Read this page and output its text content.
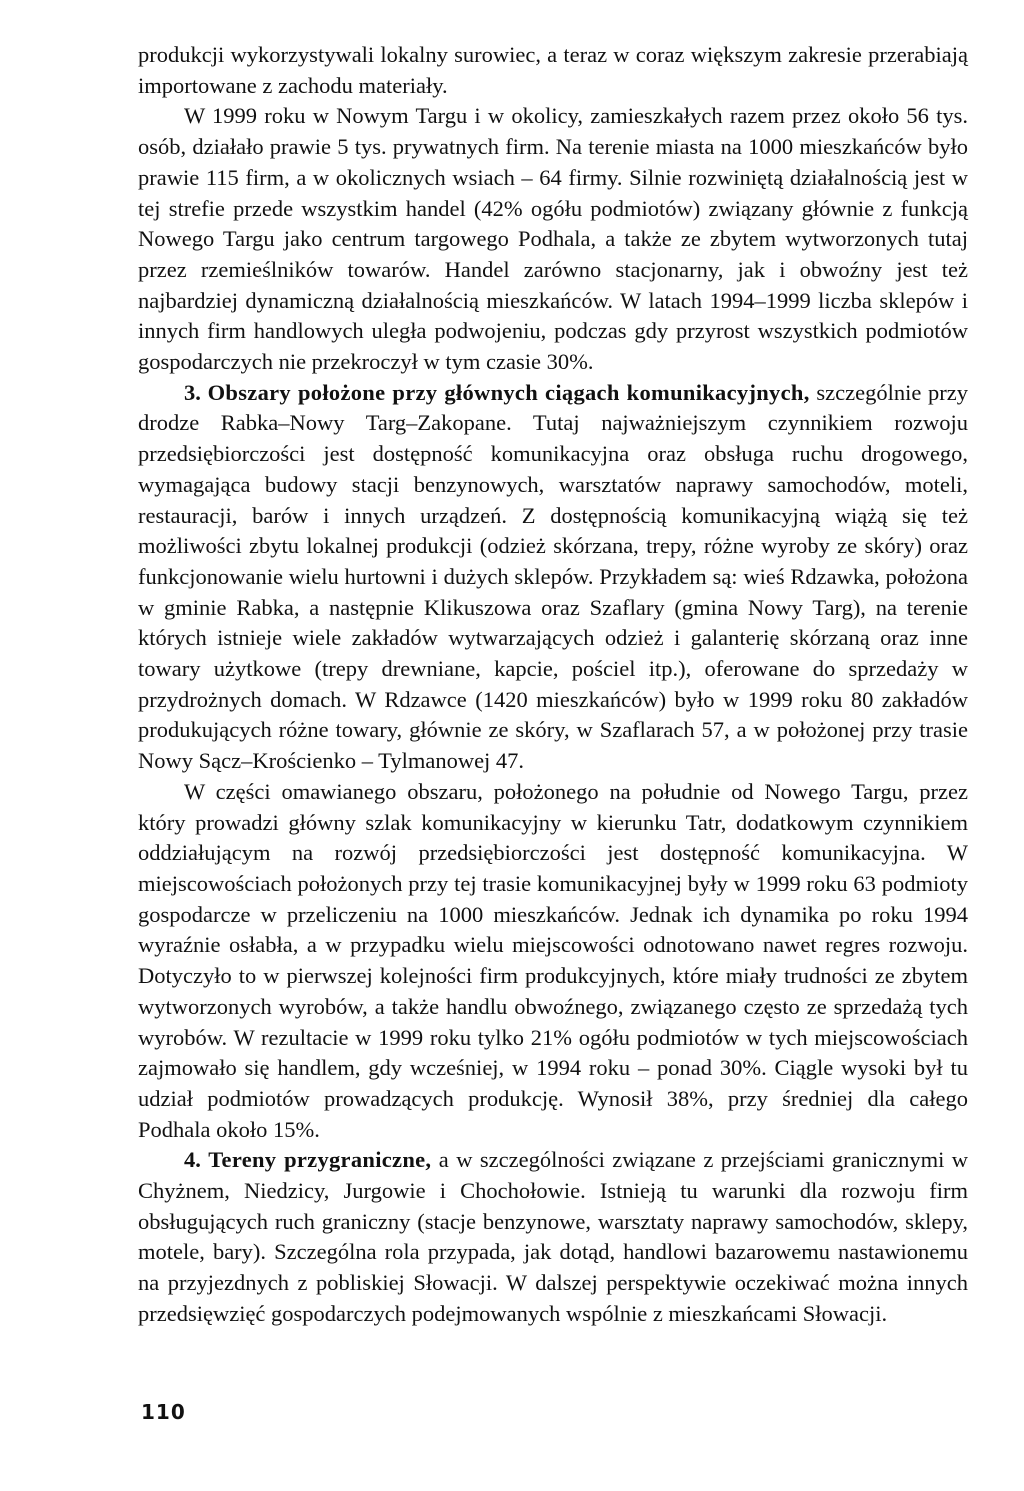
produkcji wykorzystywali lokalny surowiec, a teraz w coraz większym zakresie przerabiają importowane z zachodu materiały.

W 1999 roku w Nowym Targu i w okolicy, zamieszkałych razem przez około 56 tys. osób, działało prawie 5 tys. prywatnych firm. Na terenie miasta na 1000 mieszkańców było prawie 115 firm, a w okolicznych wsiach – 64 firmy. Silnie rozwiniętą działalnością jest w tej strefie przede wszystkim handel (42% ogółu podmiotów) związany głównie z funkcją Nowego Targu jako centrum targowego Podhala, a także ze zbytem wytworzonych tutaj przez rzemieślników towarów. Handel zarówno stacjonarny, jak i obwoźny jest też najbardziej dynamiczną działalnością mieszkańców. W latach 1994–1999 liczba sklepów i innych firm handlowych uległa podwojeniu, podczas gdy przyrost wszystkich podmiotów gospodarczych nie przekroczył w tym czasie 30%.

3. Obszary położone przy głównych ciągach komunikacyjnych, szczególnie przy drodze Rabka–Nowy Targ–Zakopane. Tutaj najważniejszym czynnikiem rozwoju przedsiębiorczości jest dostępność komunikacyjna oraz obsługa ruchu drogowego, wymagająca budowy stacji benzynowych, warsztatów naprawy samochodów, moteli, restauracji, barów i innych urządzeń. Z dostępnością komunikacyjną wiążą się też możliwości zbytu lokalnej produkcji (odzież skórzana, trepy, różne wyroby ze skóry) oraz funkcjonowanie wielu hurtowni i dużych sklepów. Przykładem są: wieś Rdzawka, położona w gminie Rabka, a następnie Klikuszowa oraz Szaflary (gmina Nowy Targ), na terenie których istnieje wiele zakładów wytwarzających odzież i galanterię skórzaną oraz inne towary użytkowe (trepy drewniane, kapcie, pościel itp.), oferowane do sprzedaży w przydrożnych domach. W Rdzawce (1420 mieszkańców) było w 1999 roku 80 zakładów produkujących różne towary, głównie ze skóry, w Szaflarach 57, a w położonej przy trasie Nowy Sącz–Krościenko – Tylmanowej 47.

W części omawianego obszaru, położonego na południe od Nowego Targu, przez który prowadzi główny szlak komunikacyjny w kierunku Tatr, dodatkowym czynnikiem oddziałującym na rozwój przedsiębiorczości jest dostępność komunikacyjna. W miejscowościach położonych przy tej trasie komunikacyjnej były w 1999 roku 63 podmioty gospodarcze w przeliczeniu na 1000 mieszkańców. Jednak ich dynamika po roku 1994 wyraźnie osłabła, a w przypadku wielu miejscowości odnotowano nawet regres rozwoju. Dotyczyło to w pierwszej kolejności firm produkcyjnych, które miały trudności ze zbytem wytworzonych wyrobów, a także handlu obwoźnego, związanego często ze sprzedażą tych wyrobów. W rezultacie w 1999 roku tylko 21% ogółu podmiotów w tych miejscowościach zajmowało się handlem, gdy wcześniej, w 1994 roku – ponad 30%. Ciągle wysoki był tu udział podmiotów prowadzących produkcję. Wynosił 38%, przy średniej dla całego Podhala około 15%.

4. Tereny przygraniczne, a w szczególności związane z przejściami granicznymi w Chyżnem, Niedzicy, Jurgowie i Chochołowie. Istnieją tu warunki dla rozwoju firm obsługujących ruch graniczny (stacje benzynowe, warsztaty naprawy samochodów, sklepy, motele, bary). Szczególna rola przypada, jak dotąd, handlowi bazarowemu nastawionemu na przyjezdnych z pobliskiej Słowacji. W dalszej perspektywie oczekiwać można innych przedsięwzięć gospodarczych podejmowanych wspólnie z mieszkańcami Słowacji.

110
